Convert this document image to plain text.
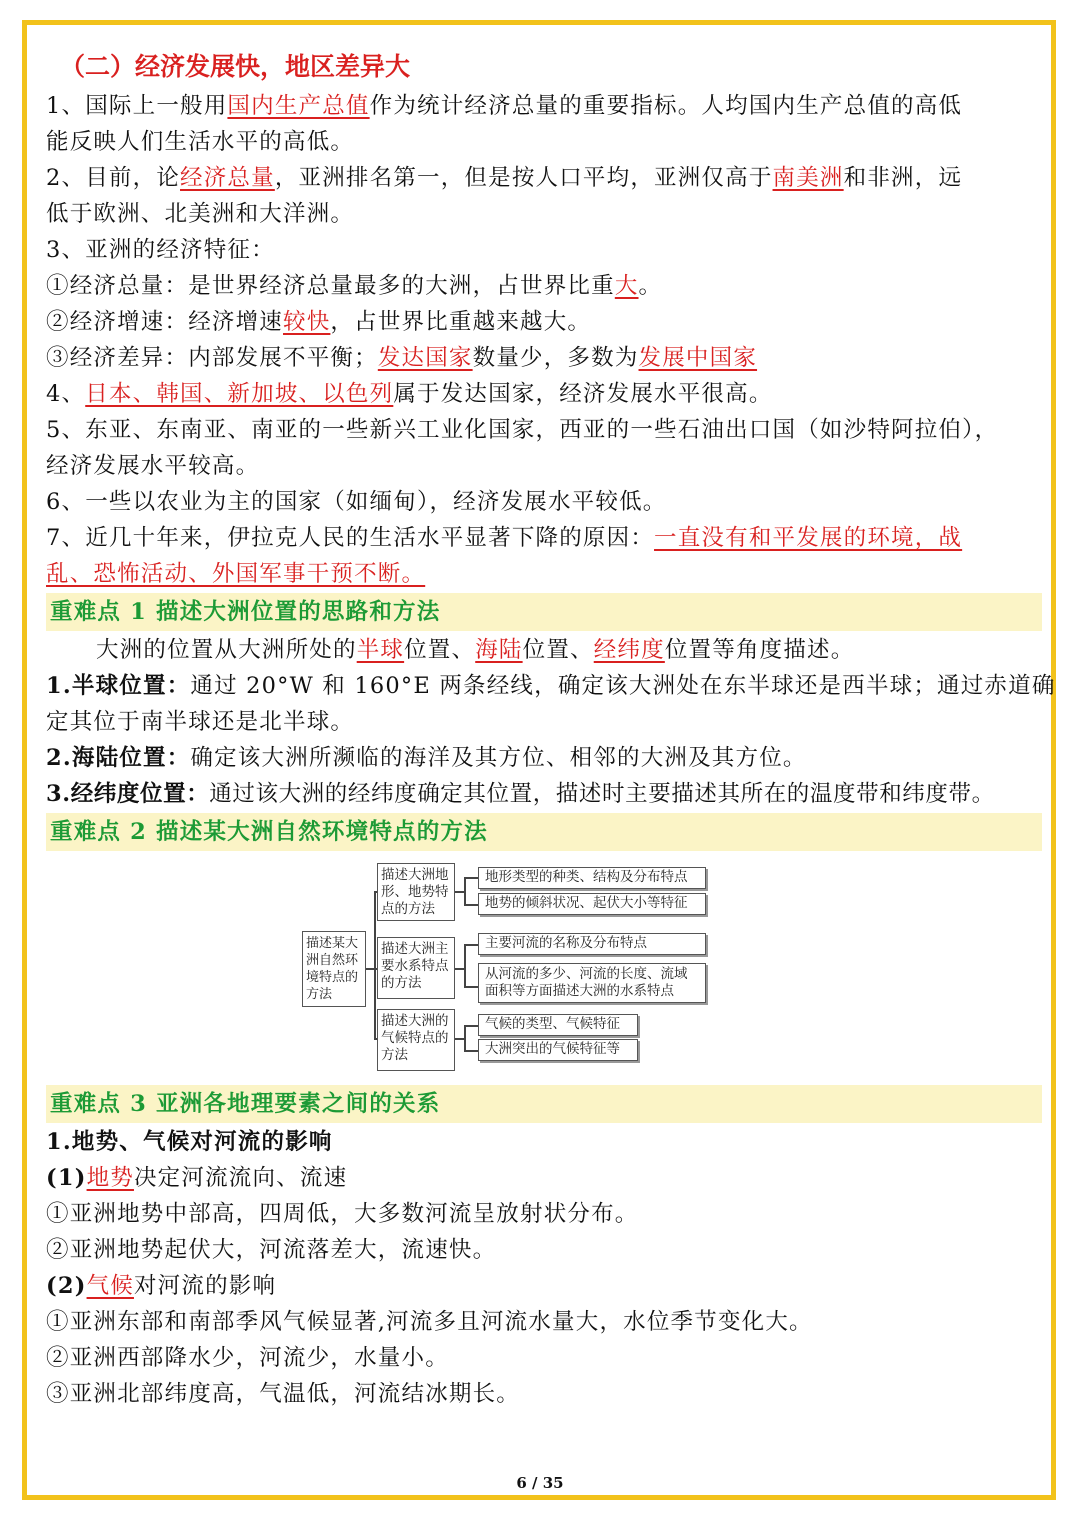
（二）经济发展快，地区差异大
1、国际上一般用国内生产总值作为统计经济总量的重要指标。人均国内生产总值的高低
能反映人们生活水平的高低。
2、目前，论经济总量，亚洲排名第一，但是按人口平均，亚洲仅高于南美洲和非洲，远
低于欧洲、北美洲和大洋洲。
3、亚洲的经济特征：
①经济总量：是世界经济总量最多的大洲，占世界比重大。
②经济增速：经济增速较快，占世界比重越来越大。
③经济差异：内部发展不平衡；发达国家数量少，多数为发展中国家
4、日本、韩国、新加坡、以色列属于发达国家，经济发展水平很高。
5、东亚、东南亚、南亚的一些新兴工业化国家，西亚的一些石油出口国（如沙特阿拉伯），
经济发展水平较高。
6、一些以农业为主的国家（如缅甸），经济发展水平较低。
7、近几十年来，伊拉克人民的生活水平显著下降的原因：一直没有和平发展的环境，战
乱、恐怖活动、外国军事干预不断。
重难点 1 描述大洲位置的思路和方法
大洲的位置从大洲所处的半球位置、海陆位置、经纬度位置等角度描述。
1.半球位置：通过 20°W 和 160°E 两条经线，确定该大洲处在东半球还是西半球；通过赤道确
定其位于南半球还是北半球。
2.海陆位置：确定该大洲所濒临的海洋及其方位、相邻的大洲及其方位。
3.经纬度位置：通过该大洲的经纬度确定其位置，描述时主要描述其所在的温度带和纬度带。
重难点 2 描述某大洲自然环境特点的方法
描述某大洲自然环境特点的方法
描述大洲地形、地势特点的方法
描述大洲主要水系特点的方法
描述大洲的气候特点的方法
地形类型的种类、结构及分布特点
地势的倾斜状况、起伏大小等特征
主要河流的名称及分布特点
从河流的多少、河流的长度、流域面积等方面描述大洲的水系特点
气候的类型、气候特征
大洲突出的气候特征等
重难点 3 亚洲各地理要素之间的关系
1.地势、气候对河流的影响
(1)地势决定河流流向、流速
①亚洲地势中部高，四周低，大多数河流呈放射状分布。
②亚洲地势起伏大，河流落差大，流速快。
(2)气候对河流的影响
①亚洲东部和南部季风气候显著,河流多且河流水量大，水位季节变化大。
②亚洲西部降水少，河流少，水量小。
③亚洲北部纬度高，气温低，河流结冰期长。
6 / 35
